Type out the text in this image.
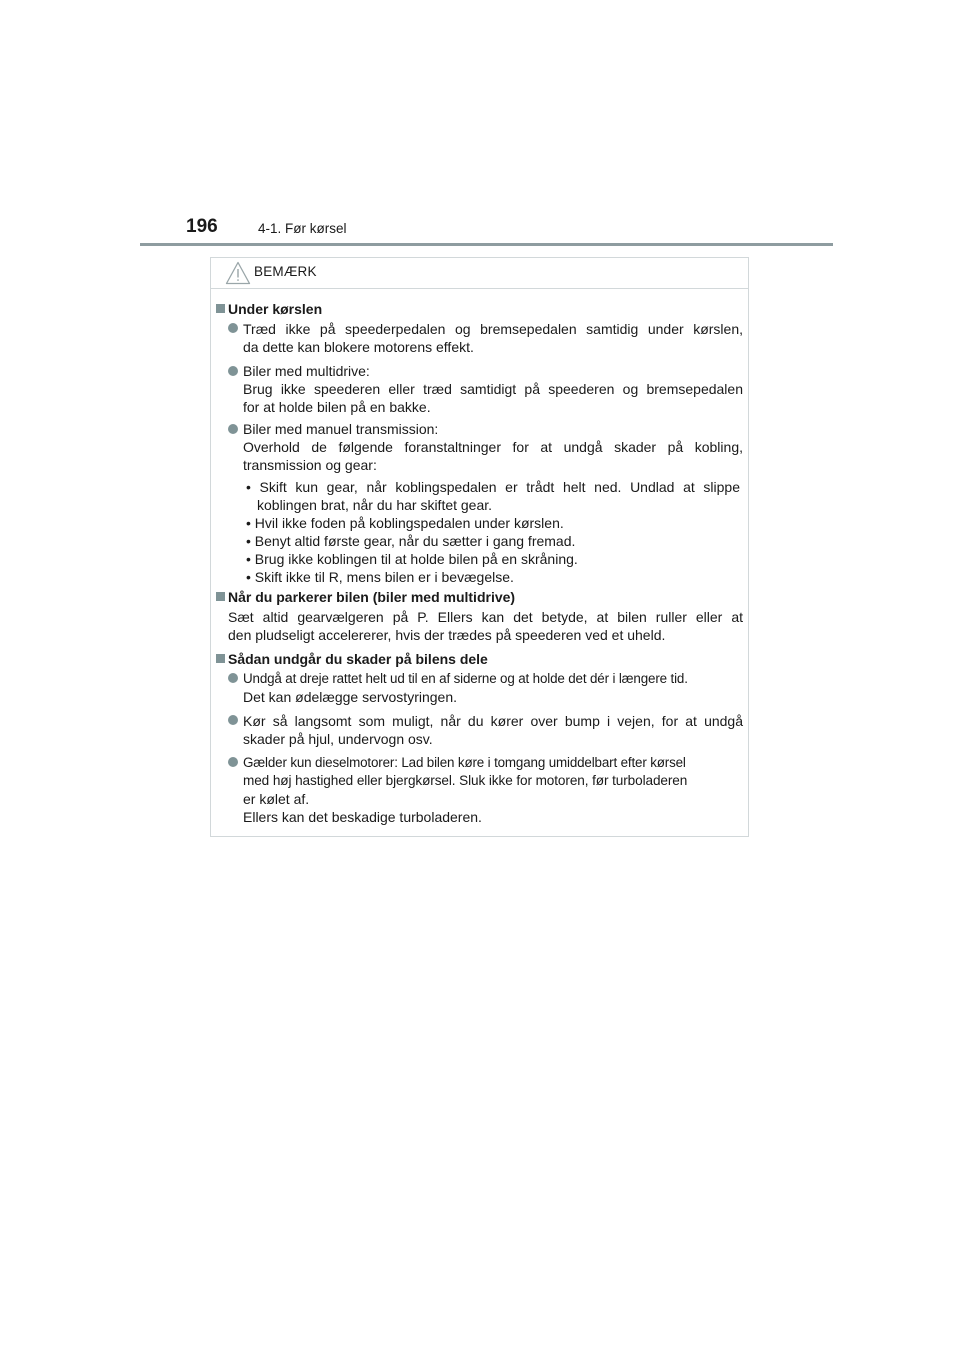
196	4-1. Før kørsel
BEMÆRK
Under kørslen
Træd ikke på speederpedalen og bremsepedalen samtidig under kørslen,
da dette kan blokere motorens effekt.
Biler med multidrive:
Brug ikke speederen eller træd samtidigt på speederen og bremsepedalen
for at holde bilen på en bakke.
Biler med manuel transmission:
Overhold de følgende foranstaltninger for at undgå skader på kobling,
transmission og gear:
• Skift kun gear, når koblingspedalen er trådt helt ned. Undlad at slippe
koblingen brat, når du har skiftet gear.
• Hvil ikke foden på koblingspedalen under kørslen.
• Benyt altid første gear, når du sætter i gang fremad.
• Brug ikke koblingen til at holde bilen på en skråning.
• Skift ikke til R, mens bilen er i bevægelse.
Når du parkerer bilen (biler med multidrive)
Sæt altid gearvælgeren på P. Ellers kan det betyde, at bilen ruller eller at
den pludseligt accelererer, hvis der trædes på speederen ved et uheld.
Sådan undgår du skader på bilens dele
Undgå at dreje rattet helt ud til en af siderne og at holde det dér i længere tid.
Det kan ødelægge servostyringen.
Kør så langsomt som muligt, når du kører over bump i vejen, for at undgå
skader på hjul, undervogn osv.
Gælder kun dieselmotorer: Lad bilen køre i tomgang umiddelbart efter kørsel
med høj hastighed eller bjergkørsel. Sluk ikke for motoren, før turboladeren
er kølet af.
Ellers kan det beskadige turboladeren.
